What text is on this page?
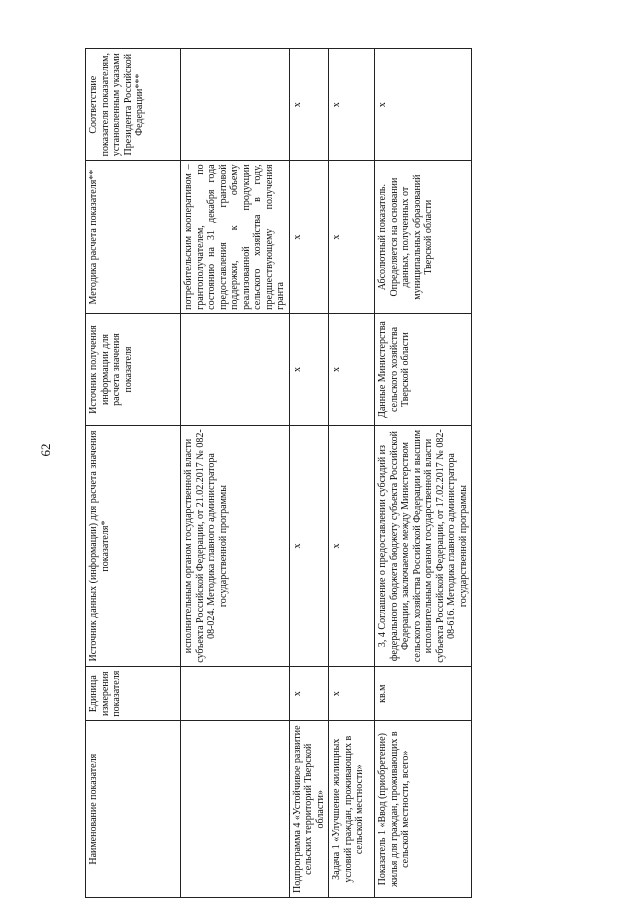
62
Наименование показателя	Единица измерения показателя	Источник данных (информации) для расчета значения показателя*	Источник получения информации для расчета значения показателя	Методика расчета показателя**	Соответствие показателя показателям, установленным указами Президента Российской Федерации***
		исполнительным органом государственной власти субъекта Российской Федерации, от 21.02.2017 № 082-08-024. Методика главного администратора государственной программы		потребительским кооперативом – грантополучателем, по состоянию на 31 декабря года предоставления грантовой поддержки, к объему реализованной продукции сельского хозяйства в году, предшествующему получения гранта	
Подпрограмма 4 «Устойчивое развитие сельских территорий Тверской области»	х	х	х	х	х
Задача 1 «Улучшение жилищных условий граждан, проживающих в сельской местности»	х	х	х	х	х
Показатель 1 «Ввод (приобретение) жилья для граждан, проживающих в сельской местности, всего»	кв.м	3, 4 Соглашение о предоставлении субсидий из федерального бюджета бюджету субъекта Российской Федерации, заключаемое между Министерством сельского хозяйства Российской Федерации и высшим исполнительным органом государственной власти субъекта Российской Федерации, от 17.02.2017 № 082-08-616. Методика главного администратора государственной программы	Данные Министерства сельского хозяйства Тверской области	Абсолютный показатель. Определяется на основании данных, полученных от муниципальных образований Тверской области	х
